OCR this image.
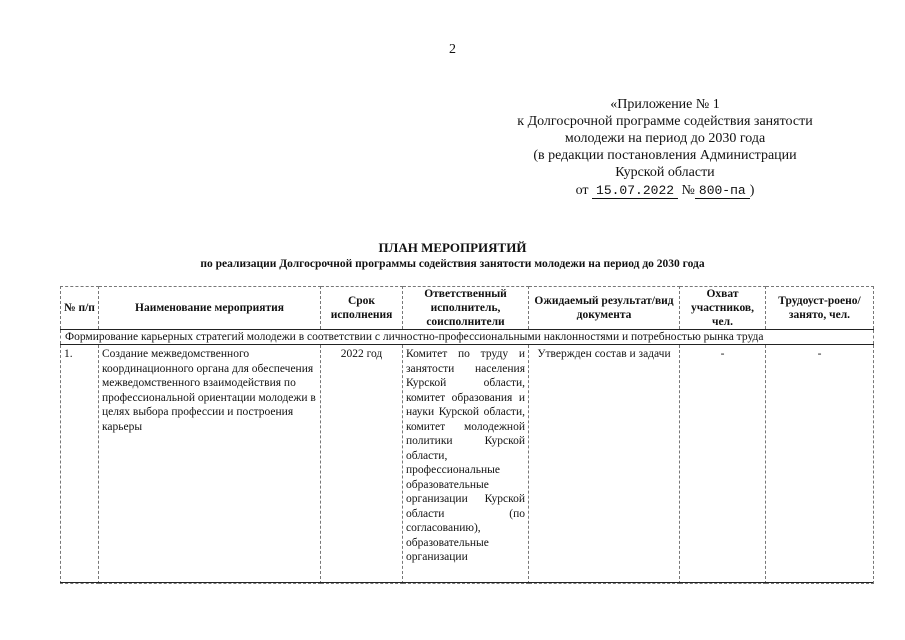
2
«Приложение № 1
к Долгосрочной программе содействия занятости
молодежи на период до 2030 года
(в редакции постановления Администрации
Курской области
от 15.07.2022 № 800-па )
ПЛАН МЕРОПРИЯТИЙ
по реализации Долгосрочной программы содействия занятости молодежи на период до 2030 года
№ п/п	Наименование мероприятия	Срок исполнения	Ответственный исполнитель, соисполнители	Ожидаемый результат/вид документа	Охват участников, чел.	Трудоуст-роено/занято, чел.
Формирование карьерных стратегий молодежи в соответствии с личностно-профессиональными наклонностями и потребностью рынка труда						
1.	Создание межведомственного координационного органа для обеспечения межведомственного взаимодействия по профессиональной ориентации молодежи в целях выбора профессии и построения карьеры	2022 год	Комитет по труду и занятости населения Курской области, комитет образования и науки Курской области, комитет молодежной политики Курской области, профессиональные образовательные организации Курской области (по согласованию), образовательные организации	Утвержден состав и задачи	-	-
